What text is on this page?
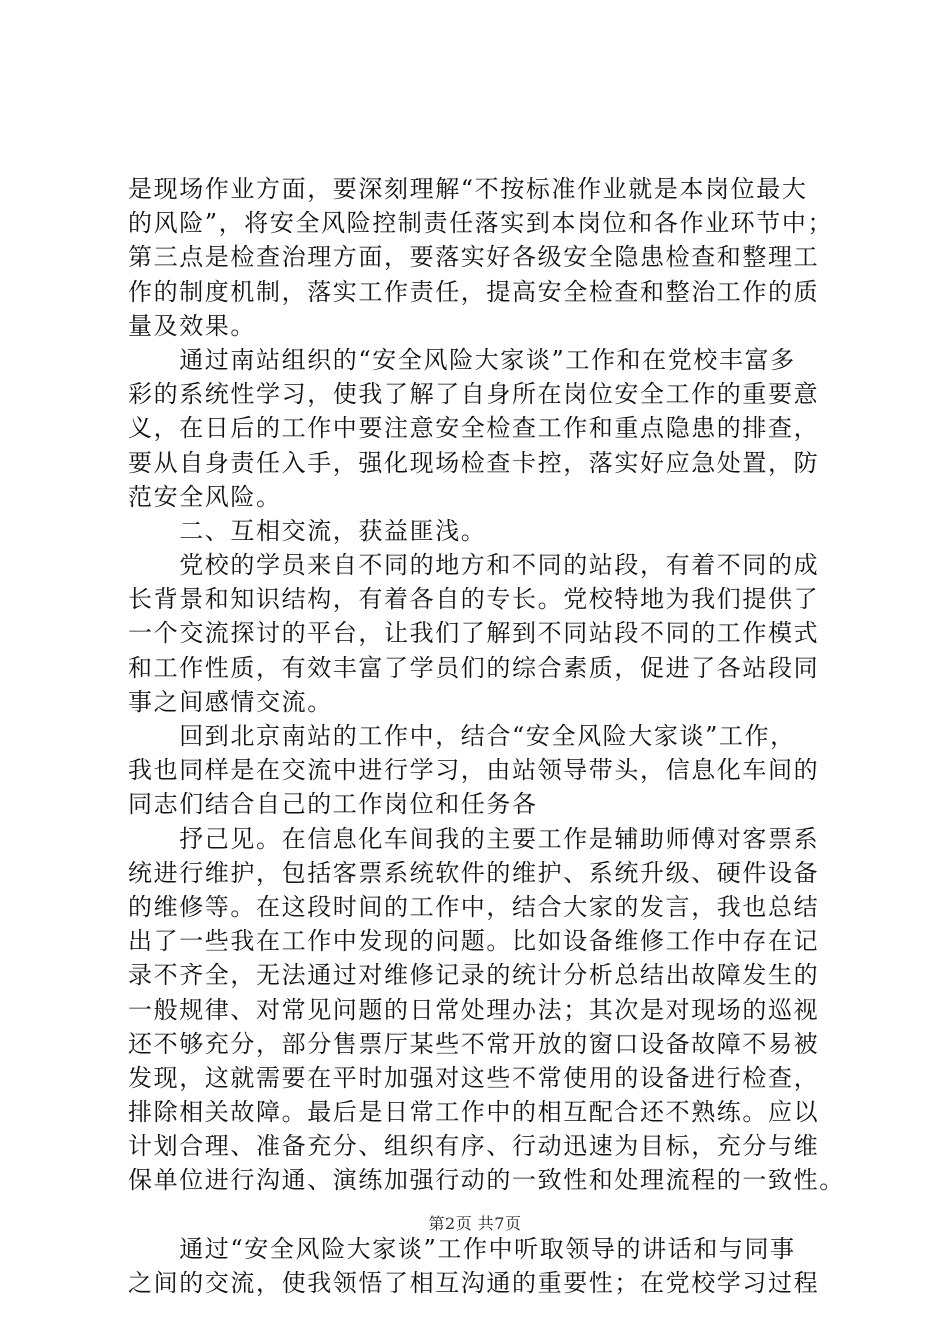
是现场作业方面，要深刻理解“不按标准作业就是本岗位最大
的风险”，将安全风险控制责任落实到本岗位和各作业环节中；
第三点是检查治理方面，要落实好各级安全隐患检查和整理工
作的制度机制，落实工作责任，提高安全检查和整治工作的质
量及效果。
　　通过南站组织的“安全风险大家谈”工作和在党校丰富多
彩的系统性学习，使我了解了自身所在岗位安全工作的重要意
义，在日后的工作中要注意安全检查工作和重点隐患的排查，
要从自身责任入手，强化现场检查卡控，落实好应急处置，防
范安全风险。
　　二、互相交流，获益匪浅。
　　党校的学员来自不同的地方和不同的站段，有着不同的成
长背景和知识结构，有着各自的专长。党校特地为我们提供了
一个交流探讨的平台，让我们了解到不同站段不同的工作模式
和工作性质，有效丰富了学员们的综合素质，促进了各站段同
事之间感情交流。
　　回到北京南站的工作中，结合“安全风险大家谈”工作，
我也同样是在交流中进行学习，由站领导带头，信息化车间的
同志们结合自己的工作岗位和任务各
　　抒己见。在信息化车间我的主要工作是辅助师傅对客票系
统进行维护，包括客票系统软件的维护、系统升级、硬件设备
的维修等。在这段时间的工作中，结合大家的发言，我也总结
出了一些我在工作中发现的问题。比如设备维修工作中存在记
录不齐全，无法通过对维修记录的统计分析总结出故障发生的
一般规律、对常见问题的日常处理办法；其次是对现场的巡视
还不够充分，部分售票厅某些不常开放的窗口设备故障不易被
发现，这就需要在平时加强对这些不常使用的设备进行检查，
排除相关故障。最后是日常工作中的相互配合还不熟练。应以
计划合理、准备充分、组织有序、行动迅速为目标，充分与维
保单位进行沟通、演练加强行动的一致性和处理流程的一致性。
　　通过“安全风险大家谈”工作中听取领导的讲话和与同事
之间的交流，使我领悟了相互沟通的重要性；在党校学习过程
第2页 共7页
